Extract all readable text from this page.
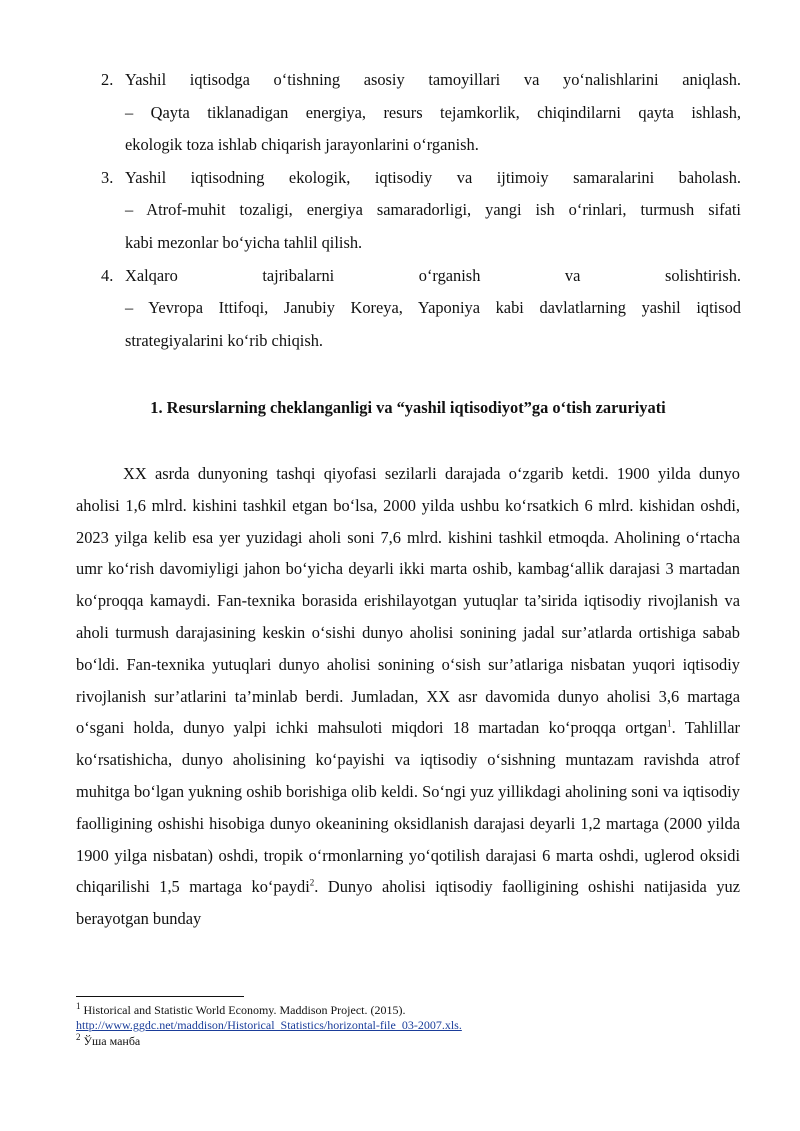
2. Yashil iqtisodga o‘tishning asosiy tamoyillari va yo‘nalishlarini aniqlash.
– Qayta tiklanadigan energiya, resurs tejamkorlik, chiqindilarni qayta ishlash,
ekologik toza ishlab chiqarish jarayonlarini o‘rganish.
3. Yashil iqtisodning ekologik, iqtisodiy va ijtimoiy samaralarini baholash.
– Atrof-muhit tozaligi, energiya samaradorligi, yangi ish o‘rinlari, turmush sifati
kabi mezonlar bo‘yicha tahlil qilish.
4. Xalqaro tajribalarni o‘rganish va solishtirish.
– Yevropa Ittifoqi, Janubiy Koreya, Yaponiya kabi davlatlarning yashil iqtisod
strategiyalarini ko‘rib chiqish.
1. Resurslarning cheklanganligi va “yashil iqtisodiyot”ga o‘tish zaruriyati

XX asrda dunyoning tashqi qiyofasi sezilarli darajada o‘zgarib ketdi. 1900 yilda dunyo aholisi 1,6 mlrd. kishini tashkil etgan bo‘lsa, 2000 yilda ushbu ko‘rsatkich 6 mlrd. kishidan oshdi, 2023 yilga kelib esa yer yuzidagi aholi soni 7,6 mlrd. kishini tashkil etmoqda. Aholining o‘rtacha umr ko‘rish davomiyligi jahon bo‘yicha deyarli ikki marta oshib, kambag‘allik darajasi 3 martadan ko‘proqqa kamaydi. Fan-texnika borasida erishilayotgan yutuqlar ta’sirida iqtisodiy rivojlanish va aholi turmush darajasining keskin o‘sishi dunyo aholisi sonining jadal sur’atlarda ortishiga sabab bo‘ldi. Fan-texnika yutuqlari dunyo aholisi sonining o‘sish sur’atlariga nisbatan yuqori iqtisodiy rivojlanish sur’atlarini ta’minlab berdi. Jumladan, XX asr davomida dunyo aholisi 3,6 martaga o‘sgani holda, dunyo yalpi ichki mahsuloti miqdori 18 martadan ko‘proqqa ortgan$^1$. Tahlillar ko‘rsatishicha, dunyo aholisining ko‘payishi va iqtisodiy o‘sishning muntazam ravishda atrof muhitga bo‘lgan yukning oshib borishiga olib keldi. So‘ngi yuz yillikdagi aholining soni va iqtisodiy faolligining oshishi hisobiga dunyo okeanining oksidlanish darajasi deyarli 1,2 martaga (2000 yilda 1900 yilga nisbatan) oshdi, tropik o‘rmonlarning yo‘qotilish darajasi 6 marta oshdi, uglerod oksidi chiqarilishi 1,5 martaga ko‘paydi$^2$. Dunyo aholisi iqtisodiy faolligining oshishi natijasida yuz berayotgan bunday

$^1$ Historical and Statistic World Economy. Maddison Project. (2015).
http://www.ggdc.net/maddison/Historical_Statistics/horizontal-file_03-2007.xls.

$^2$ Ўша манба
